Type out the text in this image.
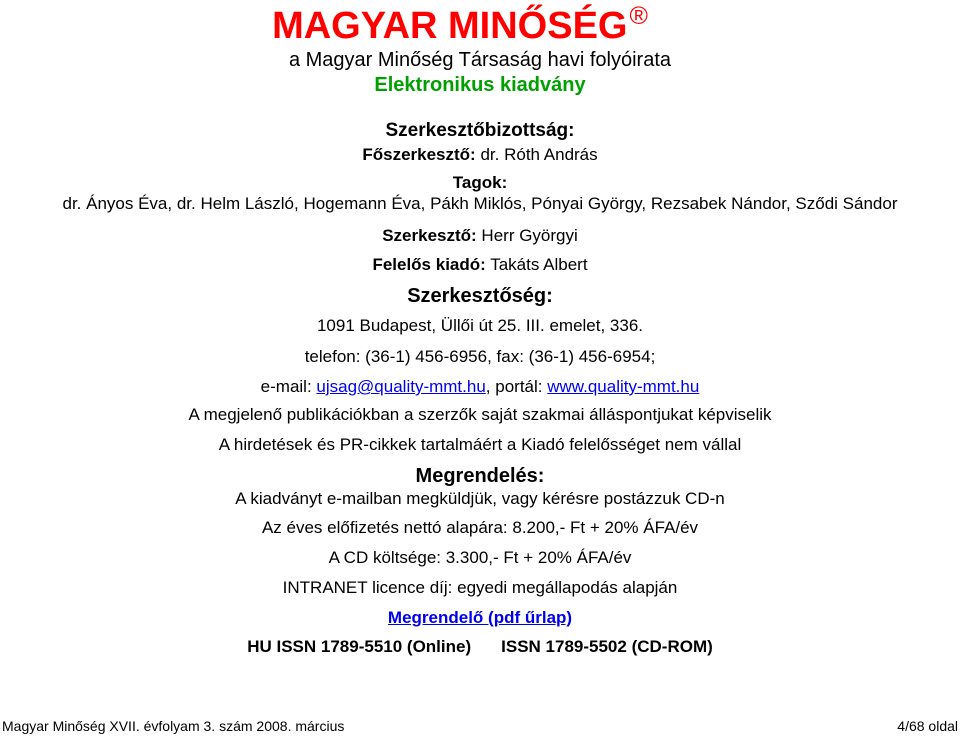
MAGYAR MINŐSÉG®
a Magyar Minőség Társaság havi folyóirata
Elektronikus kiadvány
Szerkesztőbizottság:
Főszerkesztő: dr. Róth András
Tagok:
dr. Ányos Éva, dr. Helm László, Hogemann Éva, Pákh Miklós, Pónyai György, Rezsabek Nándor, Sződi Sándor
Szerkesztő: Herr Györgyi
Felelős kiadó: Takáts Albert
Szerkesztőség:
1091 Budapest, Üllői út 25. III. emelet, 336.
telefon: (36-1) 456-6956, fax: (36-1) 456-6954;
e-mail: ujsag@quality-mmt.hu, portál: www.quality-mmt.hu
A megjelenő publikációkban a szerzők saját szakmai álláspontjukat képviselik
A hirdetések és PR-cikkek tartalmáért a Kiadó felelősséget nem vállal
Megrendelés:
A kiadványt e-mailban megküldjük, vagy kérésre postázzuk CD-n
Az éves előfizetés nettó alapára: 8.200,- Ft + 20% ÁFA/év
A CD költsége: 3.300,- Ft + 20% ÁFA/év
INTRANET licence díj: egyedi megállapodás alapján
Megrendelő (pdf űrlap)
HU ISSN 1789-5510 (Online) ISSN 1789-5502 (CD-ROM)
Magyar Minőség XVII. évfolyam 3. szám 2008. március	4/68 oldal
